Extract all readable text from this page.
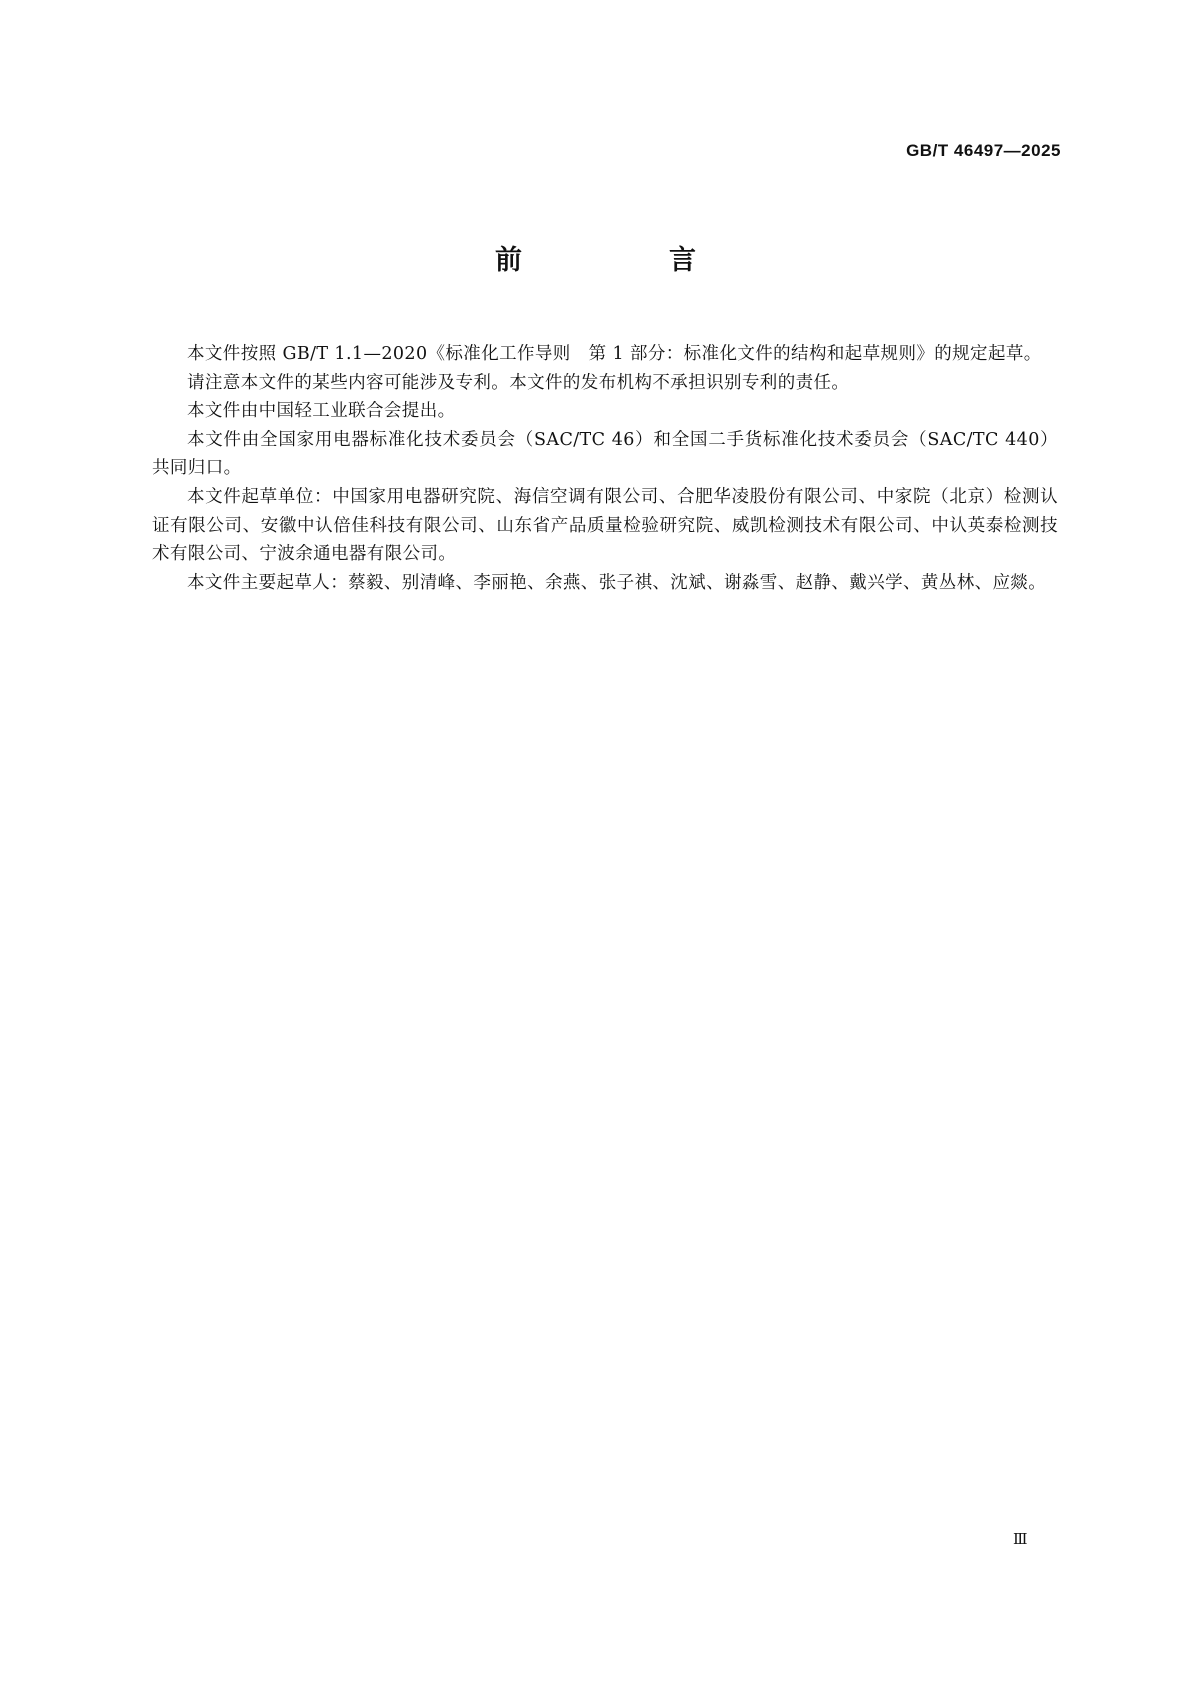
GB/T 46497—2025
前　言

本文件按照 GB/T 1.1—2020《标准化工作导则　第 1 部分：标准化文件的结构和起草规则》的规定起草。

请注意本文件的某些内容可能涉及专利。本文件的发布机构不承担识别专利的责任。

本文件由中国轻工业联合会提出。

本文件由全国家用电器标准化技术委员会（SAC/TC 46）和全国二手货标准化技术委员会（SAC/TC 440）共同归口。

本文件起草单位：中国家用电器研究院、海信空调有限公司、合肥华凌股份有限公司、中家院（北京）检测认证有限公司、安徽中认倍佳科技有限公司、山东省产品质量检验研究院、威凯检测技术有限公司、中认英泰检测技术有限公司、宁波余通电器有限公司。

本文件主要起草人：蔡毅、别清峰、李丽艳、余燕、张子祺、沈斌、谢淼雪、赵静、戴兴学、黄丛林、应燚。

Ⅲ
